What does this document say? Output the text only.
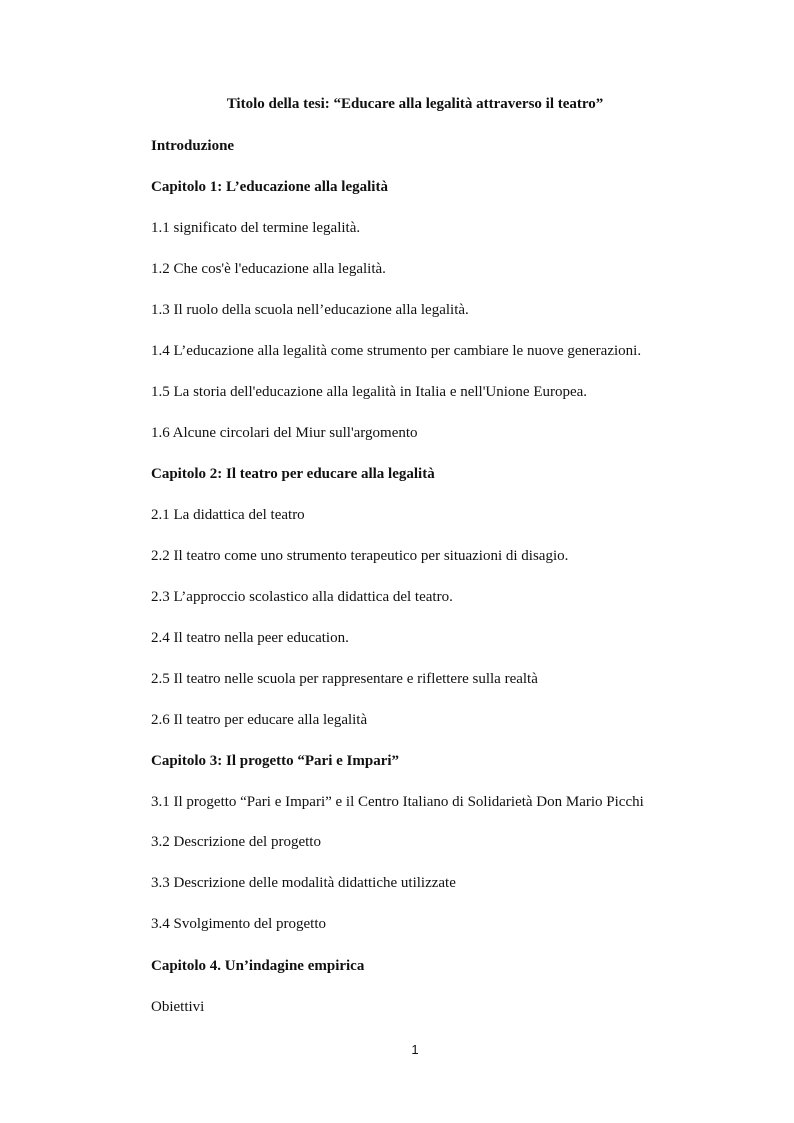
Titolo della tesi: “Educare alla legalità attraverso il teatro”
Introduzione
Capitolo 1: L’educazione alla legalità
1.1 significato del termine legalità.
1.2 Che cos'è l'educazione alla legalità.
1.3 Il ruolo della scuola nell’educazione alla legalità.
1.4 L’educazione alla legalità come strumento per cambiare le nuove generazioni.
1.5 La storia dell'educazione alla legalità in Italia e nell'Unione Europea.
1.6 Alcune circolari del Miur sull'argomento
Capitolo 2: Il teatro per educare alla legalità
2.1 La didattica del teatro
2.2 Il teatro come uno strumento terapeutico per situazioni di disagio.
2.3 L’approccio scolastico alla didattica del teatro.
2.4 Il teatro nella peer education.
2.5 Il teatro nelle scuola per rappresentare e riflettere sulla realtà
2.6 Il teatro per educare alla legalità
Capitolo 3: Il progetto “Pari e Impari”
3.1 Il progetto “Pari e Impari” e il Centro Italiano di Solidarietà Don Mario Picchi
3.2 Descrizione del progetto
3.3 Descrizione delle modalità didattiche utilizzate
3.4 Svolgimento del progetto
Capitolo 4. Un’indagine empirica
Obiettivi
1
